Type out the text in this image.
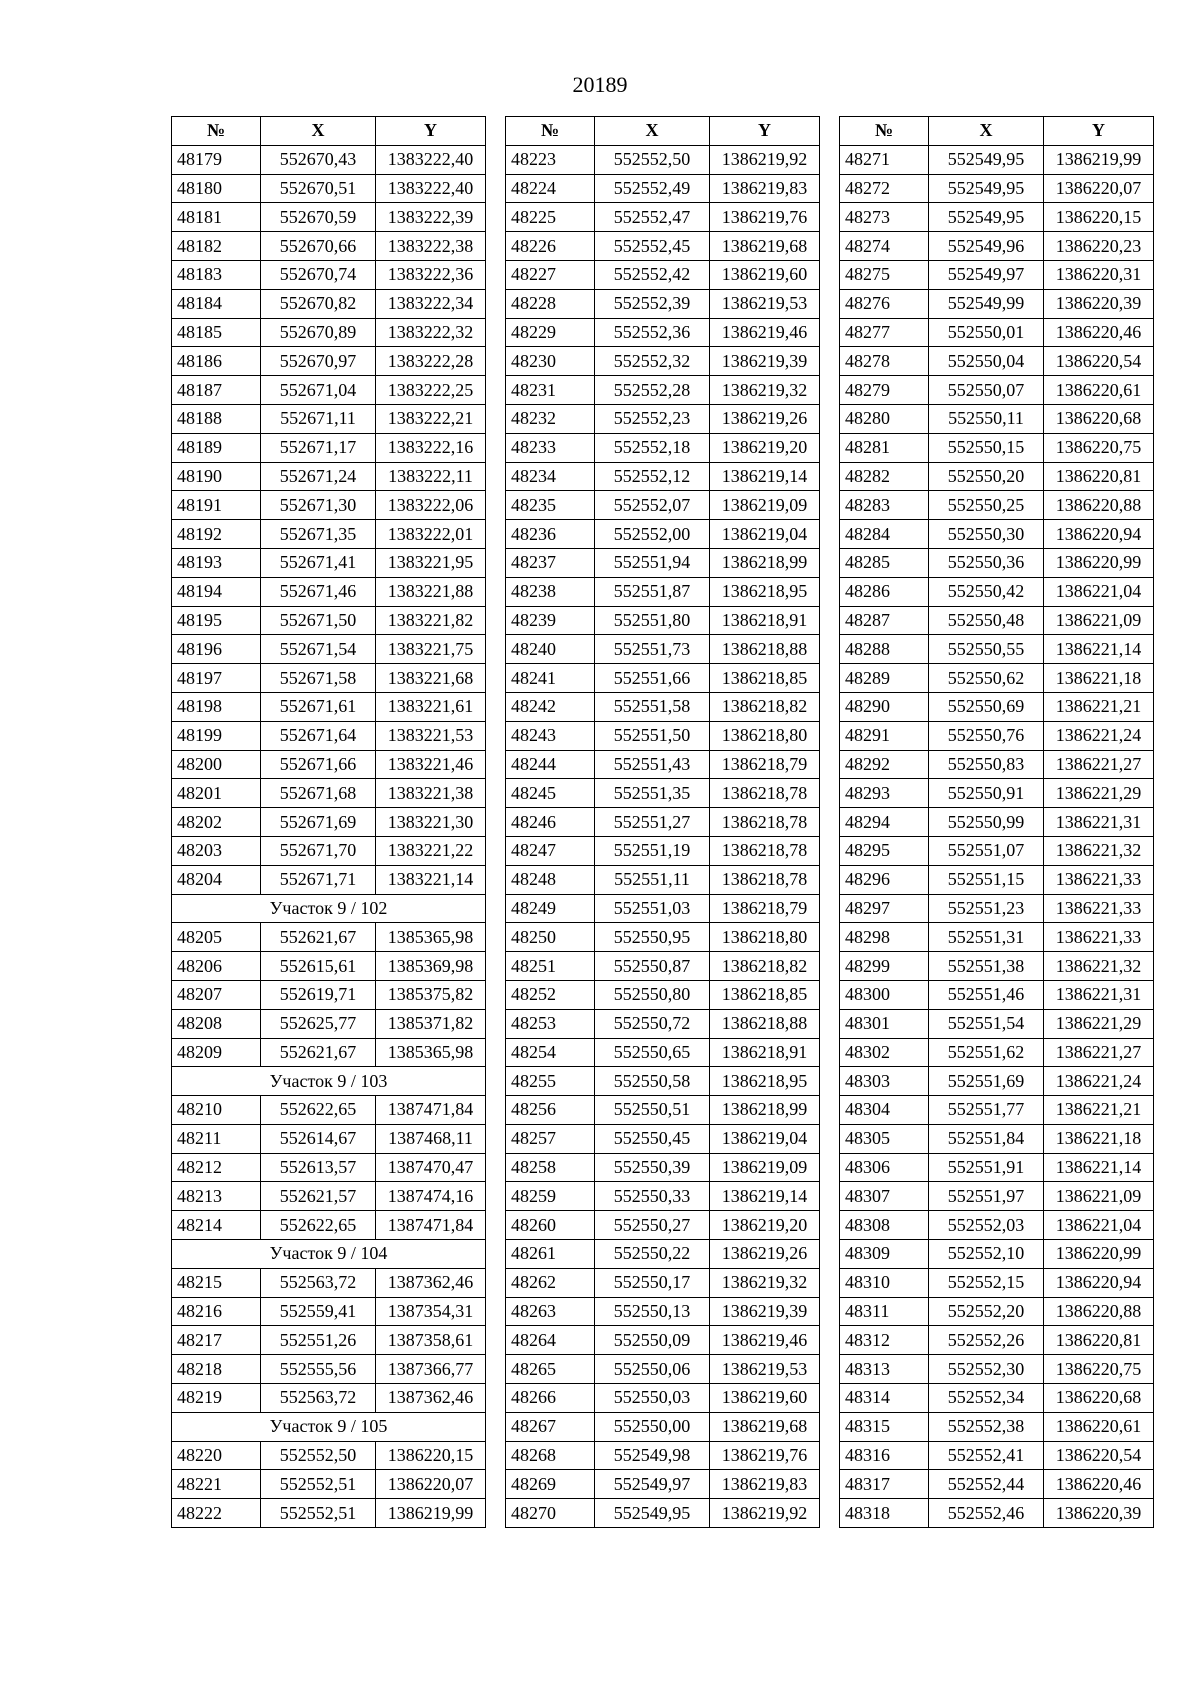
20189
№	X	Y
48179	552670,43	1383222,40
48180	552670,51	1383222,40
48181	552670,59	1383222,39
48182	552670,66	1383222,38
48183	552670,74	1383222,36
48184	552670,82	1383222,34
48185	552670,89	1383222,32
48186	552670,97	1383222,28
48187	552671,04	1383222,25
48188	552671,11	1383222,21
48189	552671,17	1383222,16
48190	552671,24	1383222,11
48191	552671,30	1383222,06
48192	552671,35	1383222,01
48193	552671,41	1383221,95
48194	552671,46	1383221,88
48195	552671,50	1383221,82
48196	552671,54	1383221,75
48197	552671,58	1383221,68
48198	552671,61	1383221,61
48199	552671,64	1383221,53
48200	552671,66	1383221,46
48201	552671,68	1383221,38
48202	552671,69	1383221,30
48203	552671,70	1383221,22
48204	552671,71	1383221,14
Участок 9 / 102		
48205	552621,67	1385365,98
48206	552615,61	1385369,98
48207	552619,71	1385375,82
48208	552625,77	1385371,82
48209	552621,67	1385365,98
Участок 9 / 103		
48210	552622,65	1387471,84
48211	552614,67	1387468,11
48212	552613,57	1387470,47
48213	552621,57	1387474,16
48214	552622,65	1387471,84
Участок 9 / 104		
48215	552563,72	1387362,46
48216	552559,41	1387354,31
48217	552551,26	1387358,61
48218	552555,56	1387366,77
48219	552563,72	1387362,46
Участок 9 / 105		
48220	552552,50	1386220,15
48221	552552,51	1386220,07
48222	552552,51	1386219,99
№	X	Y
48223	552552,50	1386219,92
48224	552552,49	1386219,83
48225	552552,47	1386219,76
48226	552552,45	1386219,68
48227	552552,42	1386219,60
48228	552552,39	1386219,53
48229	552552,36	1386219,46
48230	552552,32	1386219,39
48231	552552,28	1386219,32
48232	552552,23	1386219,26
48233	552552,18	1386219,20
48234	552552,12	1386219,14
48235	552552,07	1386219,09
48236	552552,00	1386219,04
48237	552551,94	1386218,99
48238	552551,87	1386218,95
48239	552551,80	1386218,91
48240	552551,73	1386218,88
48241	552551,66	1386218,85
48242	552551,58	1386218,82
48243	552551,50	1386218,80
48244	552551,43	1386218,79
48245	552551,35	1386218,78
48246	552551,27	1386218,78
48247	552551,19	1386218,78
48248	552551,11	1386218,78
48249	552551,03	1386218,79
48250	552550,95	1386218,80
48251	552550,87	1386218,82
48252	552550,80	1386218,85
48253	552550,72	1386218,88
48254	552550,65	1386218,91
48255	552550,58	1386218,95
48256	552550,51	1386218,99
48257	552550,45	1386219,04
48258	552550,39	1386219,09
48259	552550,33	1386219,14
48260	552550,27	1386219,20
48261	552550,22	1386219,26
48262	552550,17	1386219,32
48263	552550,13	1386219,39
48264	552550,09	1386219,46
48265	552550,06	1386219,53
48266	552550,03	1386219,60
48267	552550,00	1386219,68
48268	552549,98	1386219,76
48269	552549,97	1386219,83
48270	552549,95	1386219,92
№	X	Y
48271	552549,95	1386219,99
48272	552549,95	1386220,07
48273	552549,95	1386220,15
48274	552549,96	1386220,23
48275	552549,97	1386220,31
48276	552549,99	1386220,39
48277	552550,01	1386220,46
48278	552550,04	1386220,54
48279	552550,07	1386220,61
48280	552550,11	1386220,68
48281	552550,15	1386220,75
48282	552550,20	1386220,81
48283	552550,25	1386220,88
48284	552550,30	1386220,94
48285	552550,36	1386220,99
48286	552550,42	1386221,04
48287	552550,48	1386221,09
48288	552550,55	1386221,14
48289	552550,62	1386221,18
48290	552550,69	1386221,21
48291	552550,76	1386221,24
48292	552550,83	1386221,27
48293	552550,91	1386221,29
48294	552550,99	1386221,31
48295	552551,07	1386221,32
48296	552551,15	1386221,33
48297	552551,23	1386221,33
48298	552551,31	1386221,33
48299	552551,38	1386221,32
48300	552551,46	1386221,31
48301	552551,54	1386221,29
48302	552551,62	1386221,27
48303	552551,69	1386221,24
48304	552551,77	1386221,21
48305	552551,84	1386221,18
48306	552551,91	1386221,14
48307	552551,97	1386221,09
48308	552552,03	1386221,04
48309	552552,10	1386220,99
48310	552552,15	1386220,94
48311	552552,20	1386220,88
48312	552552,26	1386220,81
48313	552552,30	1386220,75
48314	552552,34	1386220,68
48315	552552,38	1386220,61
48316	552552,41	1386220,54
48317	552552,44	1386220,46
48318	552552,46	1386220,39
